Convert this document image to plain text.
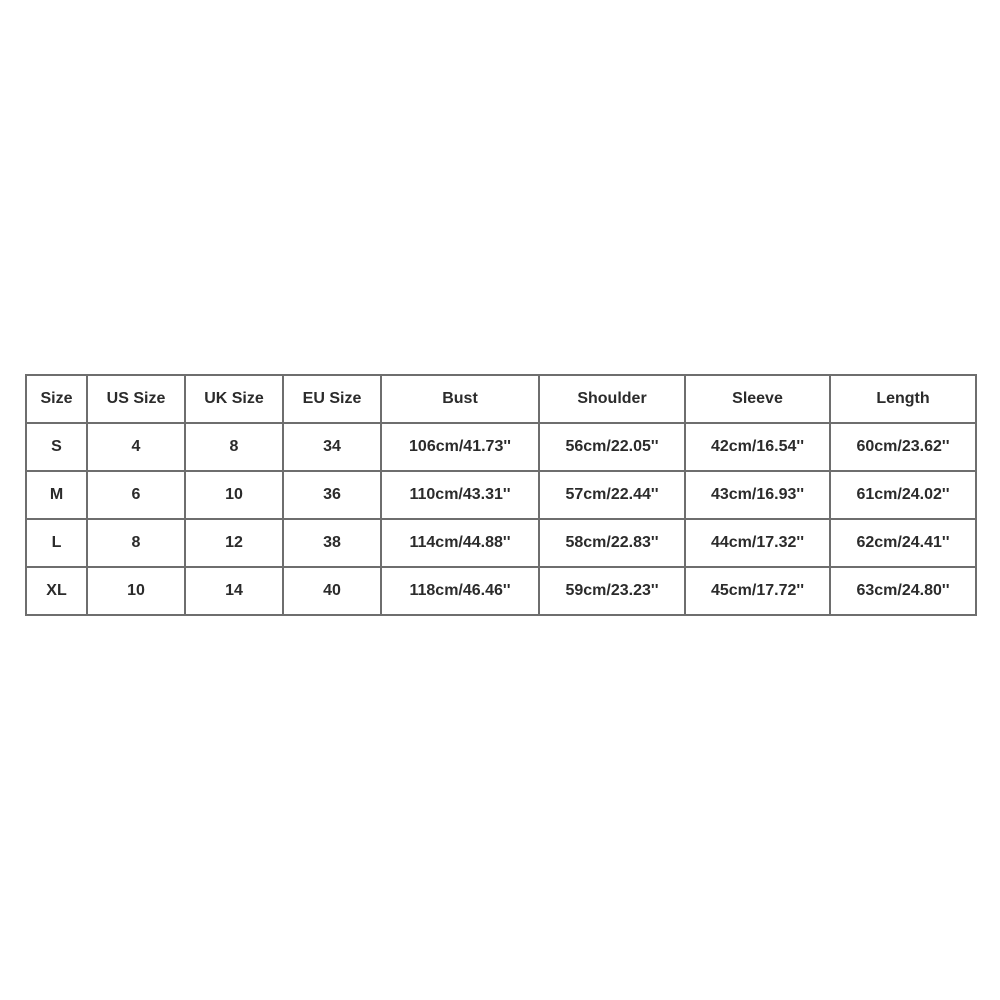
Size	US Size	UK Size	EU Size	Bust	Shoulder	Sleeve	Length
S	4	8	34	106cm/41.73''	56cm/22.05''	42cm/16.54''	60cm/23.62''
M	6	10	36	110cm/43.31''	57cm/22.44''	43cm/16.93''	61cm/24.02''
L	8	12	38	114cm/44.88''	58cm/22.83''	44cm/17.32''	62cm/24.41''
XL	10	14	40	118cm/46.46''	59cm/23.23''	45cm/17.72''	63cm/24.80''
